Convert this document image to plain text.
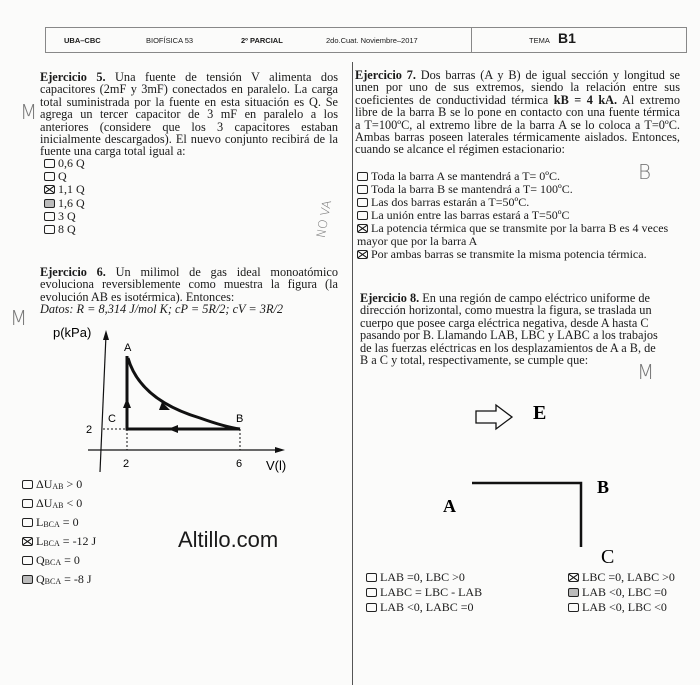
UBA–CBC	BIOFÍSICA 53	2º PARCIAL	2do.Cuat. Noviembre–2017	TEMA B1
Ejercicio 5. Una fuente de tensión V alimenta dos capacitores (2mF y 3mF) conectados en paralelo. La carga total suministrada por la fuente en esta situación es Q. Se agrega un tercer capacitor de 3 mF en paralelo a los anteriores (considere que los 3 capacitores estaban inicialmente descargados). El nuevo conjunto recibirá de la fuente una carga total igual a:
0,6 Q
Q
1,1 Q
1,6 Q
3 Q
8 Q
Ejercicio 6. Un milimol de gas ideal monoatómico evoluciona reversiblemente como muestra la figura (la evolución AB es isotérmica). Entonces:
Datos: R = 8,314 J/mol K; cP = 5R/2; cV = 3R/2
p(kPa)
A
C	B
2
2	6 V(l)
$\Delta U_{AB} > 0$
$\Delta U_{AB} < 0$
$L_{BCA} = 0$
$L_{BCA} = -12$ J
$Q_{BCA} = 0$
$Q_{BCA} = -8$ J
Altillo.com
Ejercicio 7. Dos barras (A y B) de igual sección y longitud se unen por uno de sus extremos, siendo la relación entre sus coeficientes de conductividad térmica kB = 4 kA. Al extremo libre de la barra B se lo pone en contacto con una fuente térmica a T=100ºC, al extremo libre de la barra A se lo coloca a T=0ºC. Ambas barras poseen laterales térmicamente aislados. Entonces, cuando se alcance el régimen estacionario:
Toda la barra A se mantendrá a T= 0ºC.
Toda la barra B se mantendrá a T= 100ºC.
Las dos barras estarán a T=50ºC.
La unión entre las barras estará a T=50ºC
La potencia térmica que se transmite por la barra B es 4 veces mayor que por la barra A
Por ambas barras se transmite la misma potencia térmica.
Ejercicio 8. En una región de campo eléctrico uniforme de dirección horizontal, como muestra la figura, se traslada un cuerpo que posee carga eléctrica negativa, desde A hasta C pasando por B. Llamando LAB, LBC y LABC a los trabajos de las fuerzas eléctricas en los desplazamientos de A a B, de B a C y total, respectivamente, se cumple que:
E
A
B
C
LAB =0, LBC >0
LABC = LBC - LAB
LAB <0, LABC =0
LBC =0, LABC >0
LAB <0, LBC =0
LAB <0, LBC <0
M
M
B
NO VA
M
